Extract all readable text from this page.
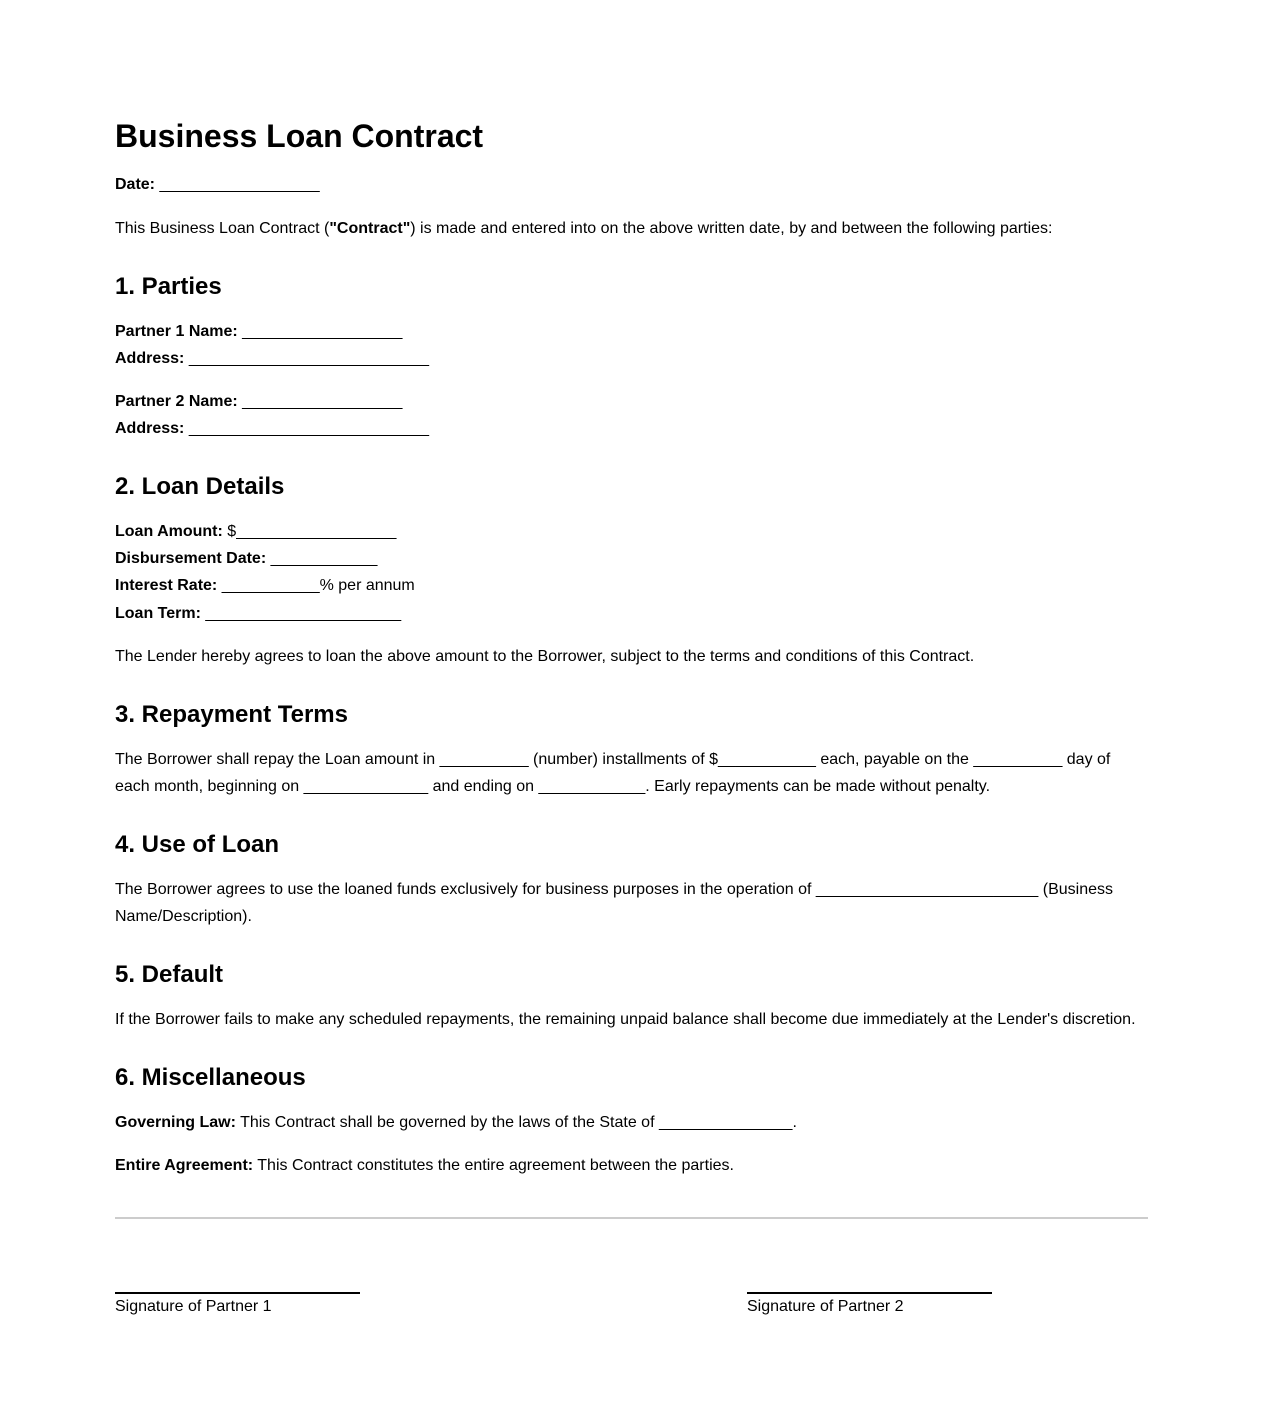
Business Loan Contract

Date: __________________

This Business Loan Contract ("Contract") is made and entered into on the above written date, by and between the following parties:

1. Parties

Partner 1 Name: __________________
Address: ___________________________

Partner 2 Name: __________________
Address: ___________________________

2. Loan Details

Loan Amount: $__________________
Disbursement Date: ____________
Interest Rate: ___________% per annum
Loan Term: ______________________

The Lender hereby agrees to loan the above amount to the Borrower, subject to the terms and conditions of this Contract.

3. Repayment Terms

The Borrower shall repay the Loan amount in __________ (number) installments of $___________ each, payable on the __________ day of each month, beginning on ______________ and ending on ____________. Early repayments can be made without penalty.

4. Use of Loan

The Borrower agrees to use the loaned funds exclusively for business purposes in the operation of _________________________ (Business Name/Description).

5. Default

If the Borrower fails to make any scheduled repayments, the remaining unpaid balance shall become due immediately at the Lender's discretion.

6. Miscellaneous

Governing Law: This Contract shall be governed by the laws of the State of _______________.

Entire Agreement: This Contract constitutes the entire agreement between the parties.

Signature of Partner 1	Signature of Partner 2
